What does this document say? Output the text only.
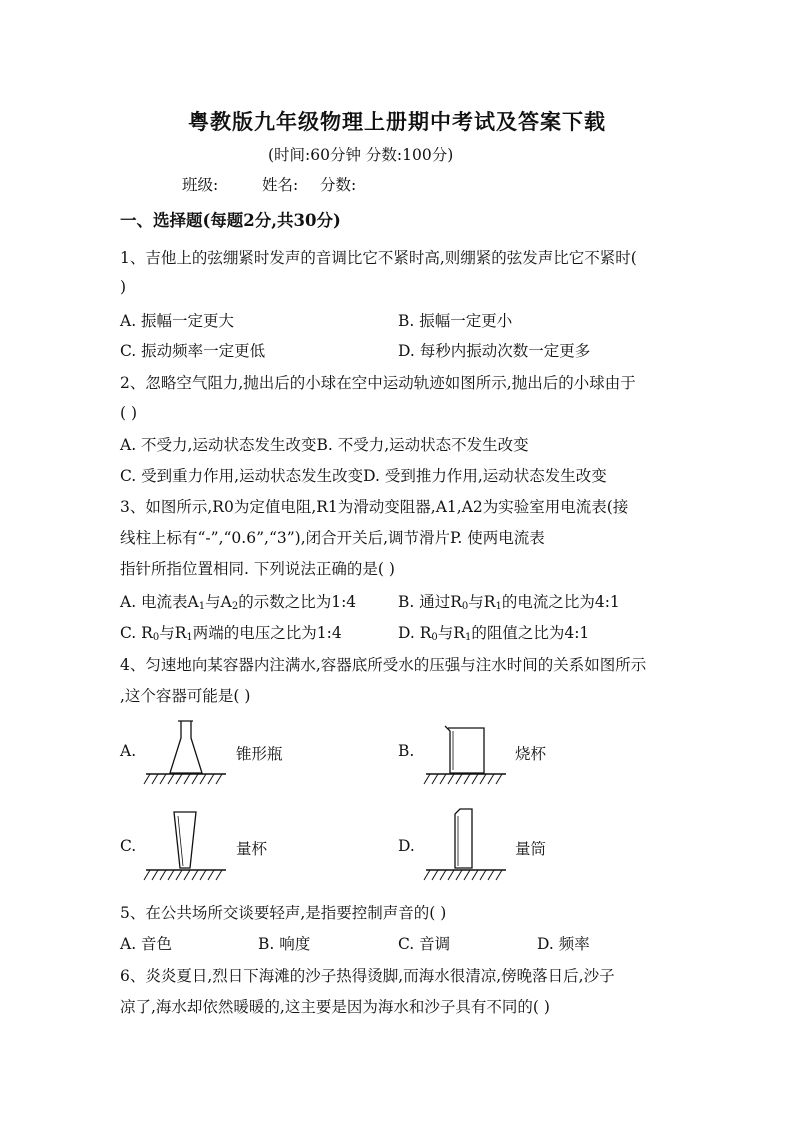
粤教版九年级物理上册期中考试及答案下载
(时间:60分钟 分数:100分)
班级:	姓名: 分数:
一、选择题(每题2分,共30分)
1、吉他上的弦绷紧时发声的音调比它不紧时高,则绷紧的弦发声比它不紧时(
)
A. 振幅一定更大	B. 振幅一定更小
C. 振动频率一定更低	D. 每秒内振动次数一定更多
2、忽略空气阻力,抛出后的小球在空中运动轨迹如图所示,抛出后的小球由于
( )
A. 不受力,运动状态发生改变B. 不受力,运动状态不发生改变
C. 受到重力作用,运动状态发生改变D. 受到推力作用,运动状态发生改变
3、如图所示,R0为定值电阻,R1为滑动变阻器,A1,A2为实验室用电流表(接
线柱上标有“-”,“0.6”,“3”),闭合开关后,调节滑片P. 使两电流表
指针所指位置相同. 下列说法正确的是( )
A. 电流表$A_1$与$A_2$的示数之比为1:4	B. 通过$R_0$与$R_1$的电流之比为4:1
C. $R_0$与$R_1$两端的电压之比为1:4	D. $R_0$与$R_1$的阻值之比为4:1
4、匀速地向某容器内注满水,容器底所受水的压强与注水时间的关系如图所示
,这个容器可能是( )
A.	锥形瓶	B.	烧杯
C.	量杯	D.	量筒
5、在公共场所交谈要轻声,是指要控制声音的( )
A. 音色	B. 响度	C. 音调	D. 频率
6、炎炎夏日,烈日下海滩的沙子热得烫脚,而海水很清凉,傍晚落日后,沙子
凉了,海水却依然暖暖的,这主要是因为海水和沙子具有不同的( )
